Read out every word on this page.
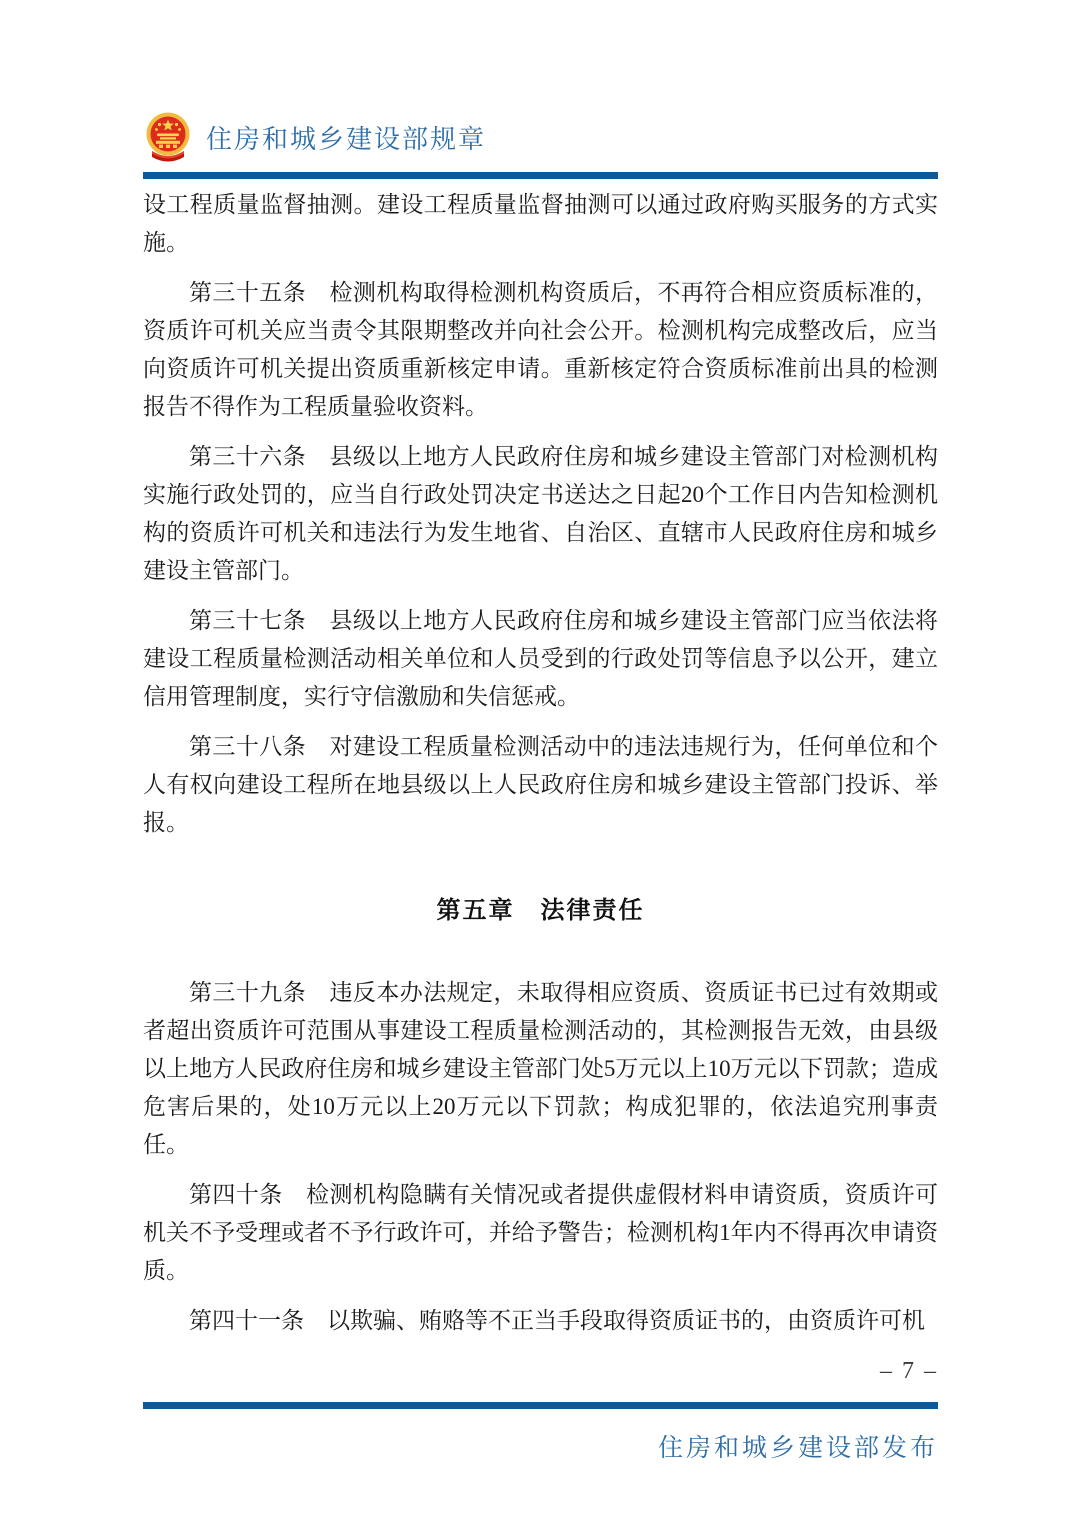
住房和城乡建设部规章

设工程质量监督抽测。建设工程质量监督抽测可以通过政府购买服务的方式实施。

第三十五条　检测机构取得检测机构资质后，不再符合相应资质标准的，资质许可机关应当责令其限期整改并向社会公开。检测机构完成整改后，应当向资质许可机关提出资质重新核定申请。重新核定符合资质标准前出具的检测报告不得作为工程质量验收资料。

第三十六条　县级以上地方人民政府住房和城乡建设主管部门对检测机构实施行政处罚的，应当自行政处罚决定书送达之日起20个工作日内告知检测机构的资质许可机关和违法行为发生地省、自治区、直辖市人民政府住房和城乡建设主管部门。

第三十七条　县级以上地方人民政府住房和城乡建设主管部门应当依法将建设工程质量检测活动相关单位和人员受到的行政处罚等信息予以公开，建立信用管理制度，实行守信激励和失信惩戒。

第三十八条　对建设工程质量检测活动中的违法违规行为，任何单位和个人有权向建设工程所在地县级以上人民政府住房和城乡建设主管部门投诉、举报。

第五章　法律责任

第三十九条　违反本办法规定，未取得相应资质、资质证书已过有效期或者超出资质许可范围从事建设工程质量检测活动的，其检测报告无效，由县级以上地方人民政府住房和城乡建设主管部门处5万元以上10万元以下罚款；造成危害后果的，处10万元以上20万元以下罚款；构成犯罪的，依法追究刑事责任。

第四十条　检测机构隐瞒有关情况或者提供虚假材料申请资质，资质许可机关不予受理或者不予行政许可，并给予警告；检测机构1年内不得再次申请资质。

第四十一条　以欺骗、贿赂等不正当手段取得资质证书的，由资质许可机

– 7 –
住房和城乡建设部发布
